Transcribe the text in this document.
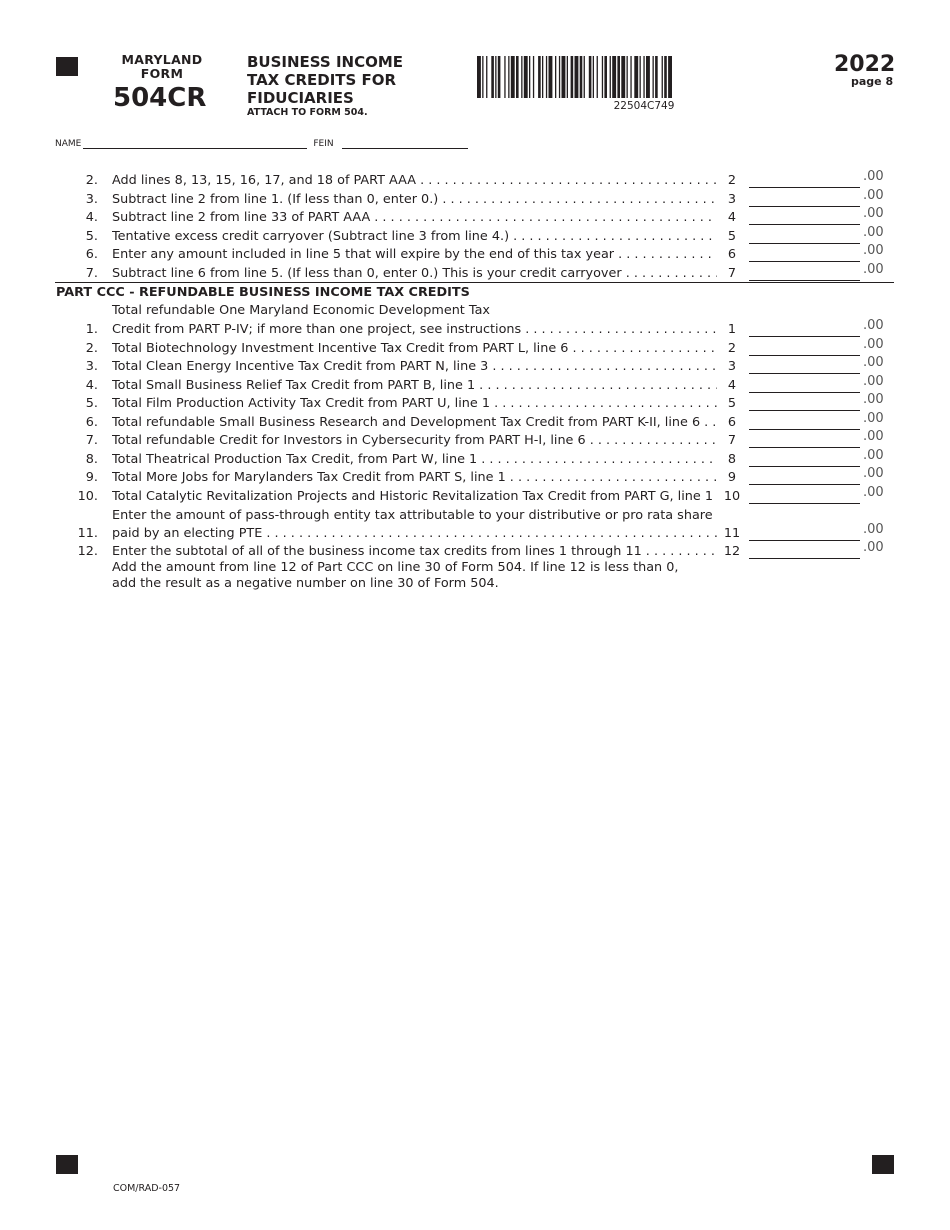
MARYLAND
FORM
504CR
BUSINESS INCOME
TAX CREDITS FOR
FIDUCIARIES
ATTACH TO FORM 504.
22504C749
2022
page 8
NAME	FEIN
2. Add lines 8, 13, 15, 16, 17, and 18 of PART AAA . . .	2	.00
3. Subtract line 2 from line 1. (If less than 0, enter 0.) . . .	3	.00
4. Subtract line 2 from line 33 of PART AAA . . .	4	.00
5. Tentative excess credit carryover (Subtract line 3 from line 4.) . . .	5	.00
6. Enter any amount included in line 5 that will expire by the end of this tax year . . .	6	.00
7. Subtract line 6 from line 5. (If less than 0, enter 0.) This is your credit carryover . . .	7	.00
PART CCC - REFUNDABLE BUSINESS INCOME TAX CREDITS
Total refundable One Maryland Economic Development Tax
Enter the amount of pass-through entity tax attributable to your distributive or pro rata share
1. Credit from PART P-IV; if more than one project, see instructions . . .	1	.00
2. Total Biotechnology Investment Incentive Tax Credit from PART L, line 6 . . .	2	.00
3. Total Clean Energy Incentive Tax Credit from PART N, line 3 . . .	3	.00
4. Total Small Business Relief Tax Credit from PART B, line 1 . . .	4	.00
5. Total Film Production Activity Tax Credit from PART U, line 1 . . .	5	.00
6. Total refundable Small Business Research and Development Tax Credit from PART K-II, line 6 . . .	6	.00
7. Total refundable Credit for Investors in Cybersecurity from PART H-I, line 6 . . .	7	.00
8. Total Theatrical Production Tax Credit, from Part W, line 1 . . .	8	.00
9. Total More Jobs for Marylanders Tax Credit from PART S, line 1 . . .	9	.00
10. Total Catalytic Revitalization Projects and Historic Revitalization Tax Credit from PART G, line 1 . . . 10	.00
11. paid by an electing PTE . . .	11	.00
12. Enter the subtotal of all of the business income tax credits from lines 1 through 11 . . .	12	.00
Add the amount from line 12 of Part CCC on line 30 of Form 504. If line 12 is less than 0,
add the result as a negative number on line 30 of Form 504.
COM/RAD-057
